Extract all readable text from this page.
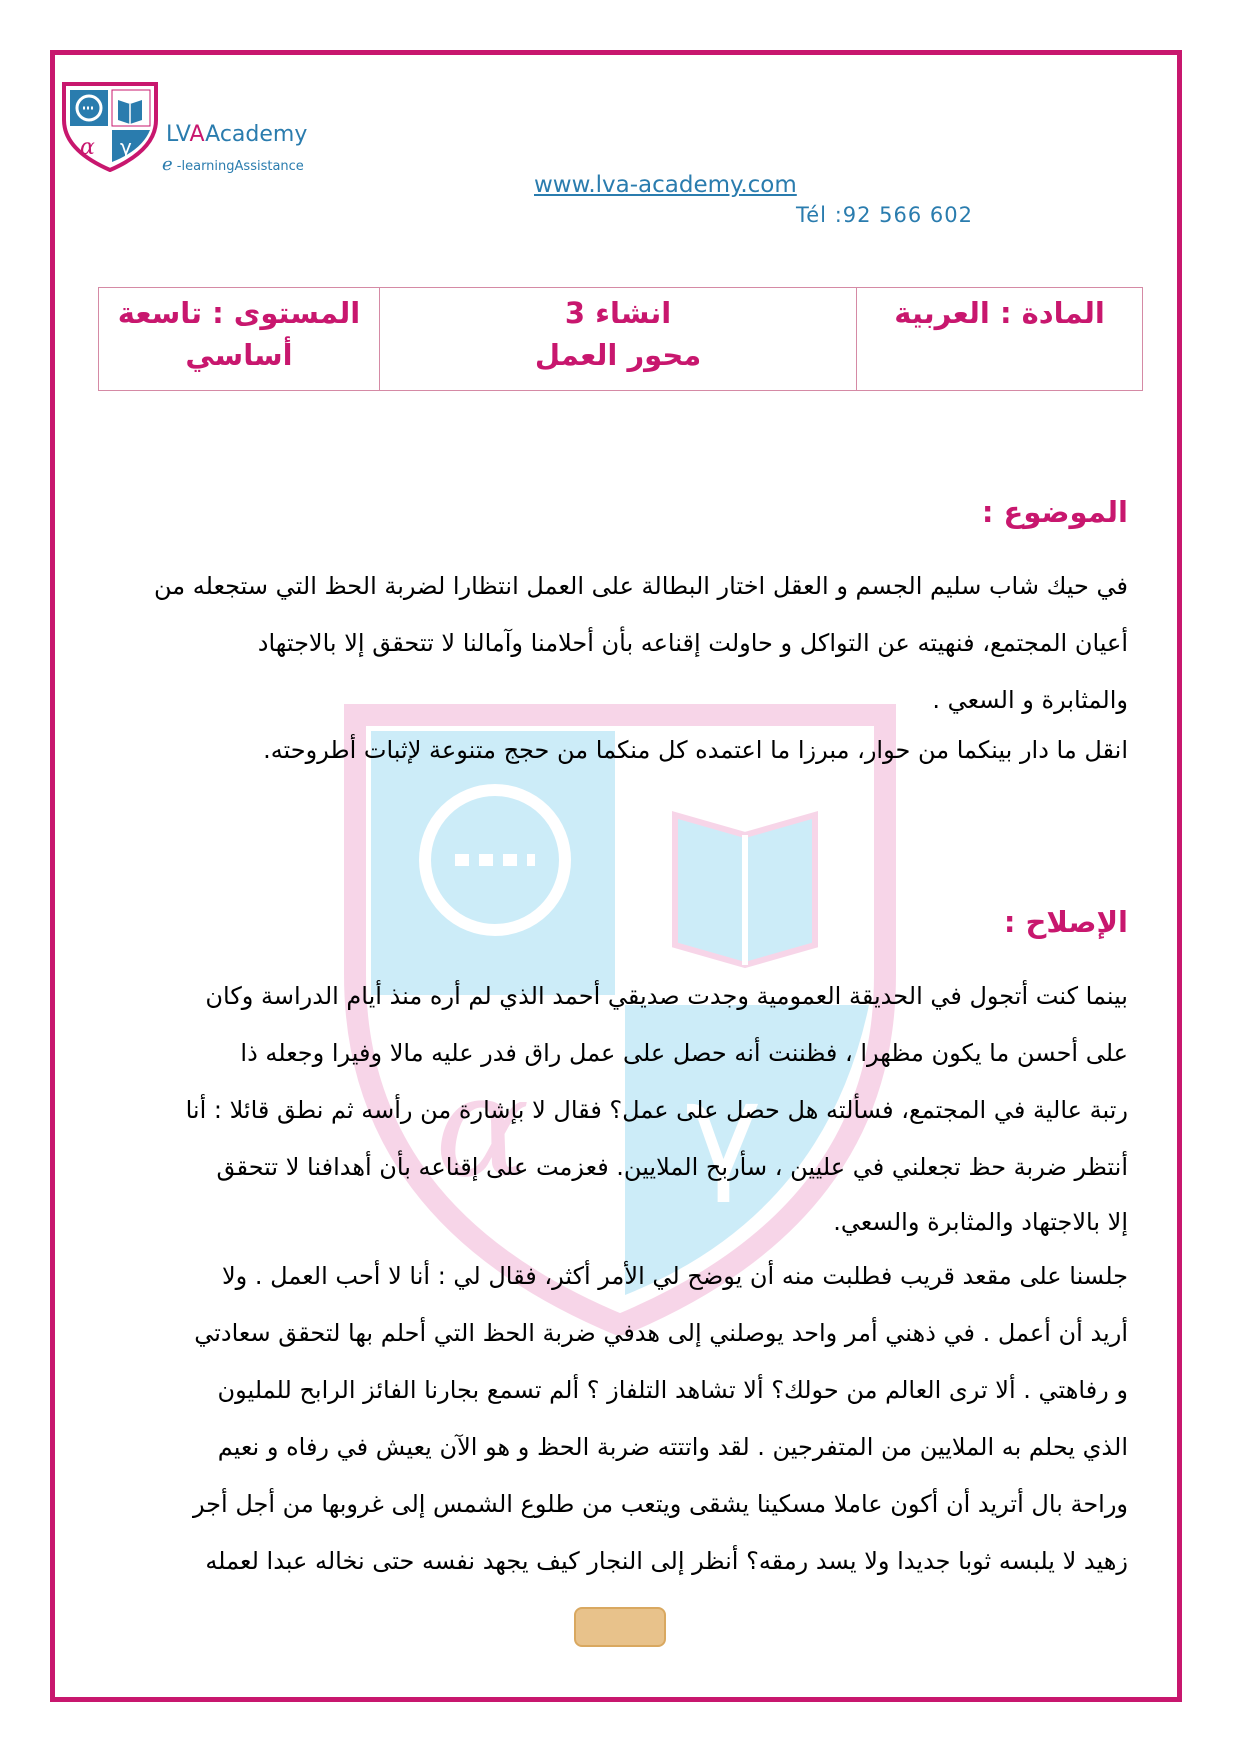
α γ LVAAcademy
e -learningAssistance
www.lva-academy.com
Tél :92 566 602
المادة : العربية

انشاء 3
محور العمل

المستوى : تاسعة
أساسي
α γ
الموضوع :

في حيك شاب سليم الجسم و العقل اختار البطالة على العمل انتظارا لضربة الحظ التي ستجعله من

أعيان المجتمع، فنهيته عن التواكل و حاولت إقناعه بأن أحلامنا وآمالنا لا تتحقق إلا بالاجتهاد

والمثابرة و السعي .

انقل ما دار بينكما من حوار، مبرزا ما اعتمده كل منكما من حجج متنوعة لإثبات أطروحته.

الإصلاح :

بينما كنت أتجول في الحديقة العمومية وجدت صديقي أحمد الذي لم أره منذ أيام الدراسة وكان

على أحسن ما يكون مظهرا ، فظننت أنه حصل على عمل راق فدر عليه مالا وفيرا وجعله ذا

رتبة عالية في المجتمع، فسألته هل حصل على عمل؟ فقال لا بإشارة من رأسه ثم نطق قائلا : أنا

أنتظر ضربة حظ تجعلني في عليين ، سأربح الملايين. فعزمت على إقناعه بأن أهدافنا لا تتحقق

إلا بالاجتهاد والمثابرة والسعي.

جلسنا على مقعد قريب فطلبت منه أن يوضح لي الأمر أكثر، فقال لي : أنا لا أحب العمل . ولا

أريد أن أعمل . في ذهني أمر واحد يوصلني إلى هدفي ضربة الحظ التي أحلم بها لتحقق سعادتي

و رفاهتي . ألا ترى العالم من حولك؟ ألا تشاهد التلفاز ؟ ألم تسمع بجارنا الفائز الرابح للمليون

الذي يحلم به الملايين من المتفرجين . لقد واتتته ضربة الحظ و هو الآن يعيش في رفاه و نعيم

وراحة بال أتريد أن أكون عاملا مسكينا يشقى ويتعب من طلوع الشمس إلى غروبها من أجل أجر

زهيد لا يلبسه ثوبا جديدا ولا يسد رمقه؟ أنظر إلى النجار كيف يجهد نفسه حتى نخاله عبدا لعمله
